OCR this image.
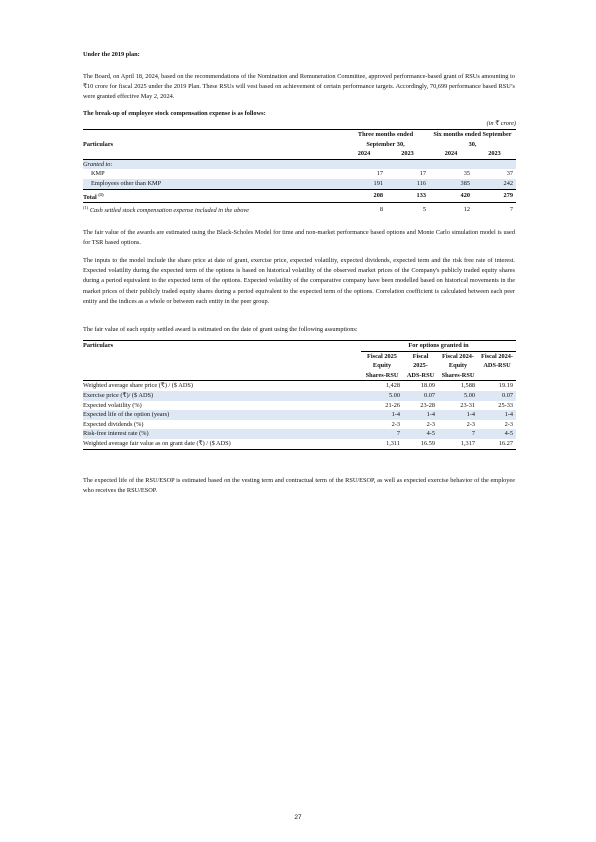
Under the 2019 plan:

The Board, on April 18, 2024, based on the recommendations of the Nomination and Remuneration Committee, approved performance-based grant of RSUs amounting to ₹10 crore for fiscal 2025 under the 2019 Plan. These RSUs will vest based on achievement of certain performance targets. Accordingly, 70,699 performance based RSU’s were granted effective May 2, 2024.

The break-up of employee stock compensation expense is as follows:
(in ₹ crore)
Particulars	Three months ended September 30,		Six months ended September 30,	
	2024	2023	2024	2023
Granted to:				
KMP	17	17	35	37
Employees other than KMP	191	116	385	242
Total $^{(1)}$	208	133	420	279
$^{(1)}$ Cash settled stock compensation expense included in the above	8	5	12	7

The fair value of the awards are estimated using the Black-Scholes Model for time and non-market performance based options and Monte Carlo simulation model is used for TSR based options.

The inputs to the model include the share price at date of grant, exercise price, expected volatility, expected dividends, expected term and the risk free rate of interest. Expected volatility during the expected term of the options is based on historical volatility of the observed market prices of the Company's publicly traded equity shares during a period equivalent to the expected term of the options. Expected volatility of the comparative company have been modelled based on historical movements in the market prices of their publicly traded equity shares during a period equivalent to the expected term of the options. Correlation coefficient is calculated between each peer entity and the indices as a whole or between each entity in the peer group.

The fair value of each equity settled award is estimated on the date of grant using the following assumptions:

Particulars	For options granted in			
	Fiscal 2025 Equity Shares-RSU	Fiscal 2025-ADS-RSU	Fiscal 2024-Equity Shares-RSU	Fiscal 2024-ADS-RSU
Weighted average share price (₹) / ($ ADS)	1,428	18.09	1,588	19.19
Exercise price (₹)/ ($ ADS)	5.00	0.07	5.00	0.07
Expected volatility (%)	21-26	23-28	23-31	25-33
Expected life of the option (years)	1-4	1-4	1-4	1-4
Expected dividends (%)	2-3	2-3	2-3	2-3
Risk-free interest rate (%)	7	4-5	7	4-5
Weighted average fair value as on grant date (₹) / ($ ADS)	1,311	16.59	1,317	16.27

The expected life of the RSU/ESOP is estimated based on the vesting term and contractual term of the RSU/ESOP, as well as expected exercise behavior of the employee who receives the RSU/ESOP.

27
